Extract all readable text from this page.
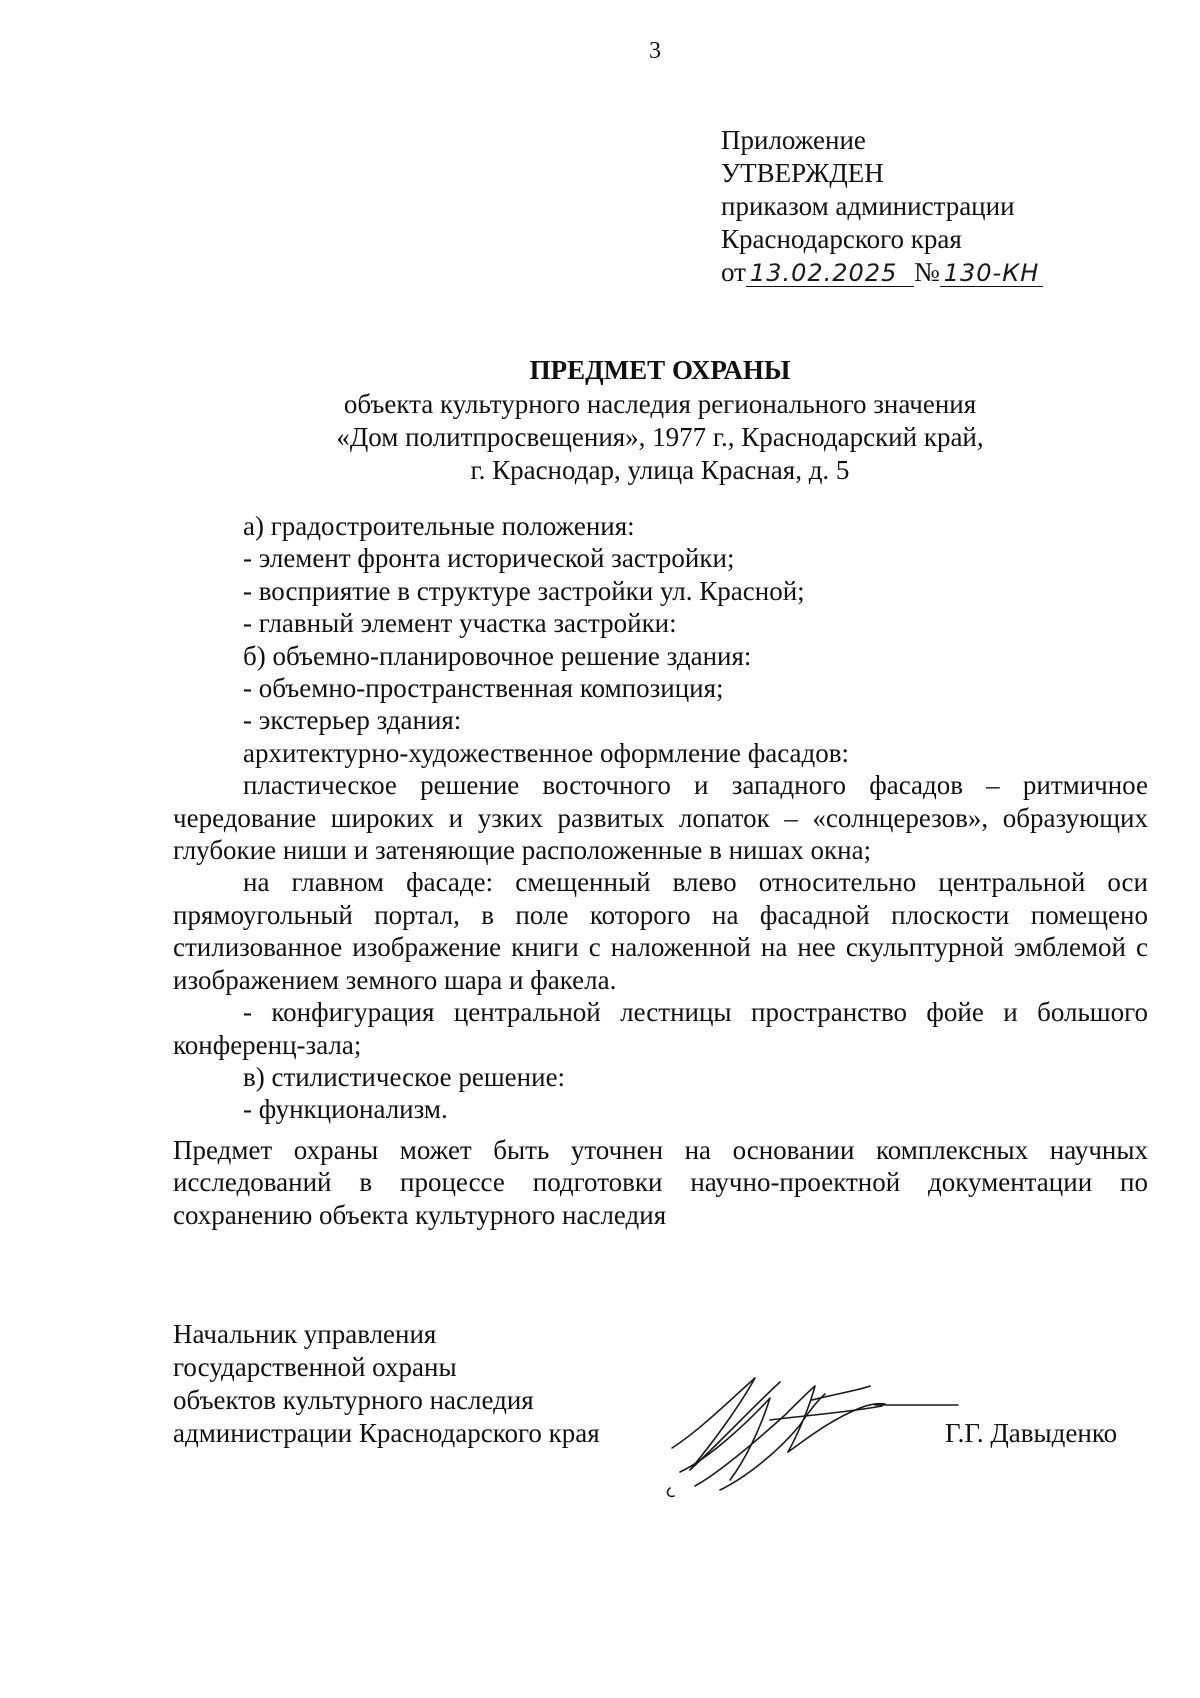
3
Приложение
УТВЕРЖДЕН
приказом администрации
Краснодарского края
от 13.02.2025 № 130-КН
ПРЕДМЕТ ОХРАНЫ
объекта культурного наследия регионального значения
«Дом политпросвещения», 1977 г., Краснодарский край,
г. Краснодар, улица Красная, д. 5

а) градостроительные положения:

- элемент фронта исторической застройки;

- восприятие в структуре застройки ул. Красной;

- главный элемент участка застройки:

б) объемно-планировочное решение здания:

- объемно-пространственная композиция;

- экстерьер здания:

архитектурно-художественное оформление фасадов:

пластическое решение восточного и западного фасадов – ритмичное чередование широких и узких развитых лопаток – «солнцерезов», образующих глубокие ниши и затеняющие расположенные в нишах окна;

на главном фасаде: смещенный влево относительно центральной оси прямоугольный портал, в поле которого на фасадной плоскости помещено стилизованное изображение книги с наложенной на нее скульптурной эмблемой с изображением земного шара и факела.

- конфигурация центральной лестницы пространство фойе и большого конференц-зала;

в) стилистическое решение:

- функционализм.

Предмет охраны может быть уточнен на основании комплексных научных исследований в процессе подготовки научно-проектной документации по сохранению объекта культурного наследия
Начальник управления
государственной охраны
объектов культурного наследия
администрации Краснодарского края	Г.Г. Давыденко
